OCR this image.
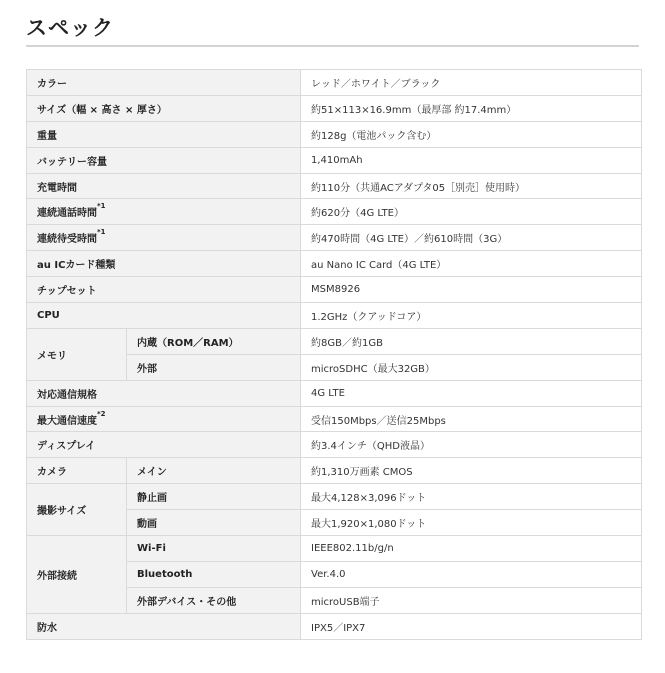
スペック
カラー		レッド／ホワイト／ブラック
サイズ（幅 × 高さ × 厚さ）		約51×113×16.9mm（最厚部 約17.4mm）
重量		約128g（電池パック含む）
バッテリー容量		1,410mAh
充電時間		約110分（共通ACアダプタ05［別売］使用時）
連続通話時間$^{*1}$		約620分（4G LTE）
連続待受時間$^{*1}$		約470時間（4G LTE）／約610時間（3G）
au ICカード種類		au Nano IC Card（4G LTE）
チップセット		MSM8926
CPU		1.2GHz（クアッドコア）
メモリ	内蔵（ROM／RAM）	約8GB／約1GB
	外部	microSDHC（最大32GB）
対応通信規格		4G LTE
最大通信速度$^{*2}$		受信150Mbps／送信25Mbps
ディスプレイ		約3.4インチ（QHD液晶）
カメラ	メイン	約1,310万画素 CMOS
撮影サイズ	静止画	最大4,128×3,096ドット
	動画	最大1,920×1,080ドット
外部接続	Wi-Fi	IEEE802.11b/g/n
	Bluetooth	Ver.4.0
	外部デバイス・その他	microUSB端子
防水		IPX5／IPX7
